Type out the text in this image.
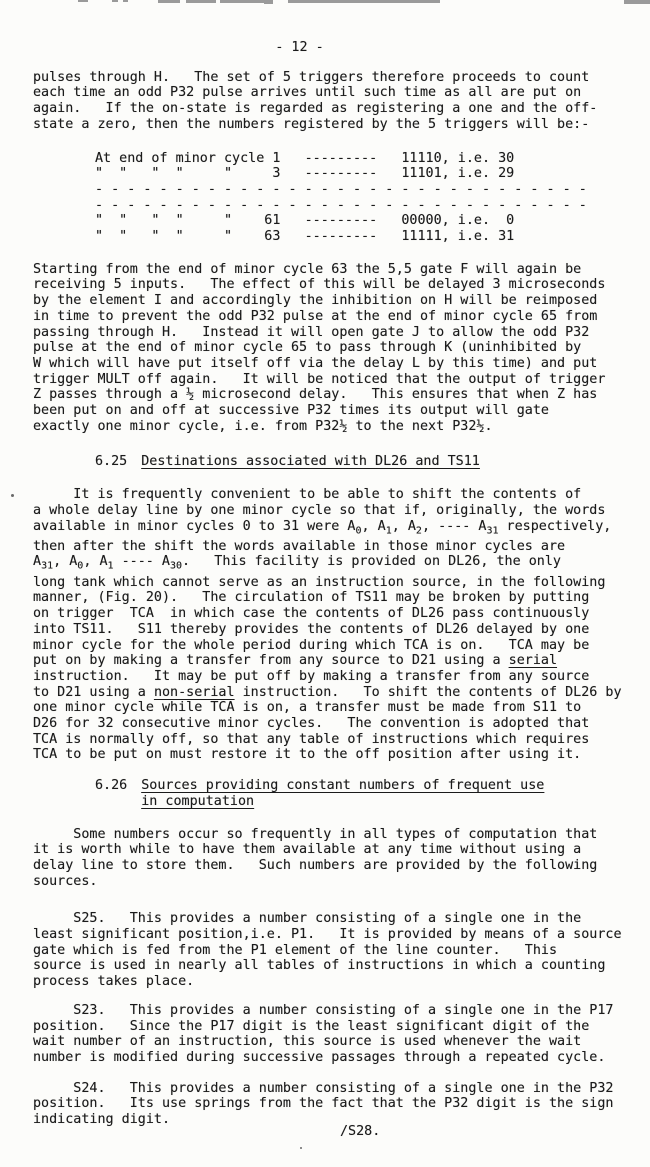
- 12 -
pulses through H.   The set of 5 triggers therefore proceeds to count
each time an odd P32 pulse arrives until such time as all are put on
again.   If the on-state is regarded as registering a one and the off-
state a zero, then the numbers registered by the 5 triggers will be:-
At end of minor cycle 1   ---------   11110, i.e. 30
"  "   "  "     "     3   ---------   11101, i.e. 29
- - - - - - - - - - - - - - - - - - - - - - - - - - - - - - -
- - - - - - - - - - - - - - - - - - - - - - - - - - - - - - -
"  "   "  "     "    61   ---------   00000, i.e.  0
"  "   "  "     "    63   ---------   11111, i.e. 31
Starting from the end of minor cycle 63 the 5,5 gate F will again be
receiving 5 inputs.   The effect of this will be delayed 3 microseconds
by the element I and accordingly the inhibition on H will be reimposed
in time to prevent the odd P32 pulse at the end of minor cycle 65 from
passing through H.   Instead it will open gate J to allow the odd P32
pulse at the end of minor cycle 65 to pass through K (uninhibited by
W which will have put itself off via the delay L by this time) and put
trigger MULT off again.   It will be noticed that the output of trigger
Z passes through a ½ microsecond delay.   This ensures that when Z has
been put on and off at successive P32 times its output will gate
exactly one minor cycle, i.e. from P32½ to the next P32½.
6.25 Destinations associated with DL26 and TS11
It is frequently convenient to be able to shift the contents of
a whole delay line by one minor cycle so that if, originally, the words
available in minor cycles 0 to 31 were $A_0$, $A_1$, $A_2$, ---- $A_{31}$ respectively,
then after the shift the words available in those minor cycles are
$A_{31}$, $A_0$, $A_1$ ---- $A_{30}$.   This facility is provided on DL26, the only
long tank which cannot serve as an instruction source, in the following
manner, (Fig. 20).   The circulation of TS11 may be broken by putting
on trigger  TCA  in which case the contents of DL26 pass continuously
into TS11.   S11 thereby provides the contents of DL26 delayed by one
minor cycle for the whole period during which TCA is on.   TCA may be
put on by making a transfer from any source to D21 using a serial
instruction.   It may be put off by making a transfer from any source
to D21 using a non-serial instruction.   To shift the contents of DL26 by
one minor cycle while TCA is on, a transfer must be made from S11 to
D26 for 32 consecutive minor cycles.   The convention is adopted that
TCA is normally off, so that any table of instructions which requires
TCA to be put on must restore it to the off position after using it.
6.26 Sources providing constant numbers of frequent use
in computation
Some numbers occur so frequently in all types of computation that
it is worth while to have them available at any time without using a
delay line to store them.   Such numbers are provided by the following
sources.
S25.   This provides a number consisting of a single one in the
least significant position,i.e. P1.   It is provided by means of a source
gate which is fed from the P1 element of the line counter.   This
source is used in nearly all tables of instructions in which a counting
process takes place.
S23.   This provides a number consisting of a single one in the P17
position.   Since the P17 digit is the least significant digit of the
wait number of an instruction, this source is used whenever the wait
number is modified during successive passages through a repeated cycle.
S24.   This provides a number consisting of a single one in the P32
position.   Its use springs from the fact that the P32 digit is the sign
indicating digit.
/S28.
